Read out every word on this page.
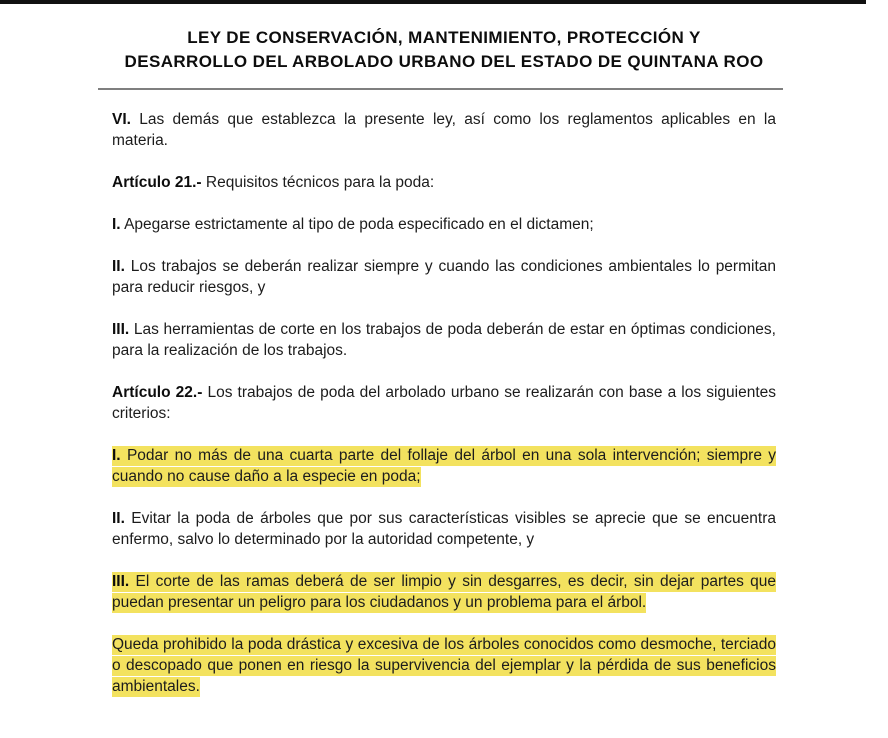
LEY DE CONSERVACIÓN, MANTENIMIENTO, PROTECCIÓN Y
DESARROLLO DEL ARBOLADO URBANO DEL ESTADO DE QUINTANA ROO

VI. Las demás que establezca la presente ley, así como los reglamentos aplicables en la materia.

Artículo 21.- Requisitos técnicos para la poda:

I. Apegarse estrictamente al tipo de poda especificado en el dictamen;

II. Los trabajos se deberán realizar siempre y cuando las condiciones ambientales lo permitan para reducir riesgos, y

III. Las herramientas de corte en los trabajos de poda deberán de estar en óptimas condiciones, para la realización de los trabajos.

Artículo 22.- Los trabajos de poda del arbolado urbano se realizarán con base a los siguientes criterios:

I. Podar no más de una cuarta parte del follaje del árbol en una sola intervención; siempre y cuando no cause daño a la especie en poda;

II. Evitar la poda de árboles que por sus características visibles se aprecie que se encuentra enfermo, salvo lo determinado por la autoridad competente, y

III. El corte de las ramas deberá de ser limpio y sin desgarres, es decir, sin dejar partes que puedan presentar un peligro para los ciudadanos y un problema para el árbol.

Queda prohibido la poda drástica y excesiva de los árboles conocidos como desmoche, terciado o descopado que ponen en riesgo la supervivencia del ejemplar y la pérdida de sus beneficios ambientales.
